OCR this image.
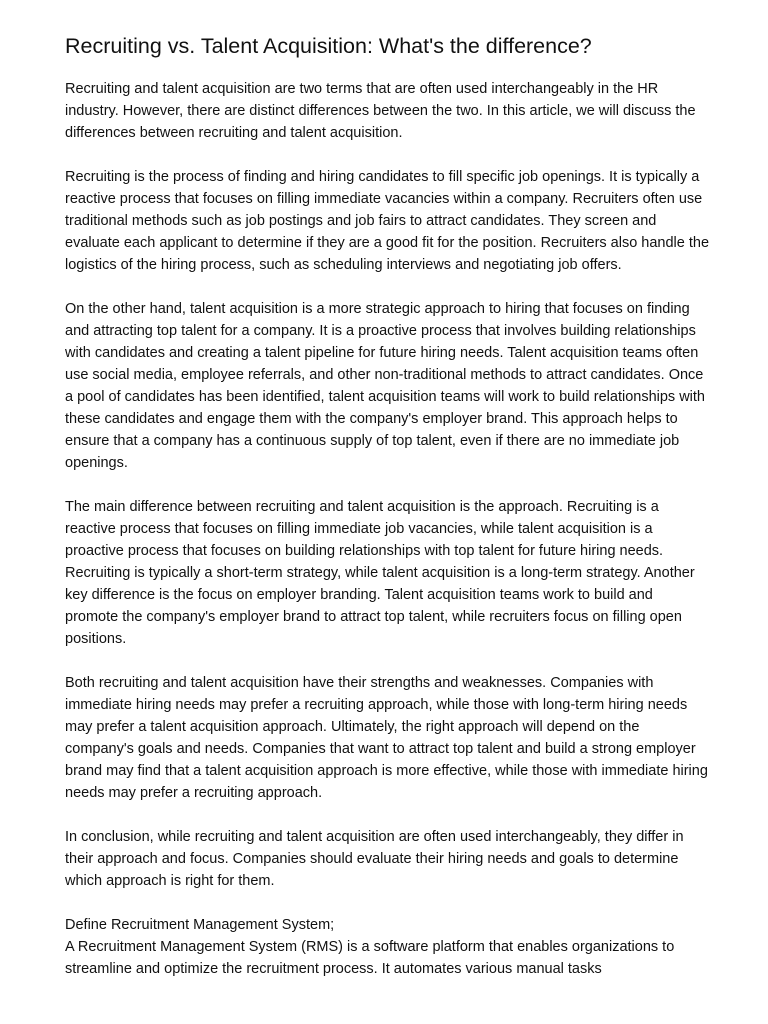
Recruiting vs. Talent Acquisition: What's the difference?

Recruiting and talent acquisition are two terms that are often used interchangeably in the HR industry. However, there are distinct differences between the two. In this article, we will discuss the differences between recruiting and talent acquisition.

Recruiting is the process of finding and hiring candidates to fill specific job openings. It is typically a reactive process that focuses on filling immediate vacancies within a company. Recruiters often use traditional methods such as job postings and job fairs to attract candidates. They screen and evaluate each applicant to determine if they are a good fit for the position. Recruiters also handle the logistics of the hiring process, such as scheduling interviews and negotiating job offers.

On the other hand, talent acquisition is a more strategic approach to hiring that focuses on finding and attracting top talent for a company. It is a proactive process that involves building relationships with candidates and creating a talent pipeline for future hiring needs. Talent acquisition teams often use social media, employee referrals, and other non-traditional methods to attract candidates. Once a pool of candidates has been identified, talent acquisition teams will work to build relationships with these candidates and engage them with the company's employer brand. This approach helps to ensure that a company has a continuous supply of top talent, even if there are no immediate job openings.

The main difference between recruiting and talent acquisition is the approach. Recruiting is a reactive process that focuses on filling immediate job vacancies, while talent acquisition is a proactive process that focuses on building relationships with top talent for future hiring needs. Recruiting is typically a short-term strategy, while talent acquisition is a long-term strategy. Another key difference is the focus on employer branding. Talent acquisition teams work to build and promote the company's employer brand to attract top talent, while recruiters focus on filling open positions.

Both recruiting and talent acquisition have their strengths and weaknesses. Companies with immediate hiring needs may prefer a recruiting approach, while those with long-term hiring needs may prefer a talent acquisition approach. Ultimately, the right approach will depend on the company's goals and needs. Companies that want to attract top talent and build a strong employer brand may find that a talent acquisition approach is more effective, while those with immediate hiring needs may prefer a recruiting approach.

In conclusion, while recruiting and talent acquisition are often used interchangeably, they differ in their approach and focus. Companies should evaluate their hiring needs and goals to determine which approach is right for them.

Define Recruitment Management System;

A Recruitment Management System (RMS) is a software platform that enables organizations to streamline and optimize the recruitment process. It automates various manual tasks
